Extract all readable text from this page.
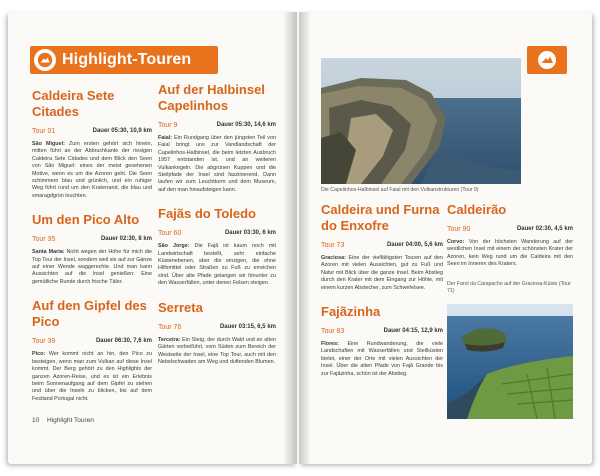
Highlight-Touren
Caldeira Sete Citades
Tour 01	Dauer 05:30, 10,9 km

São Miguel: Zum ersten gehört sich hinein, mitten führt an der Abbruchkante der riesigen Caldeira Sete Cidades und dem Blick den Seen von São Miguel: eines der meist gesehenen Motive, wenn es um die Azoren geht. Die Seen schimmern blau und grünlich, und ein ruhiger Weg führt rund um den Kraterrand, die blau und smaragdgrün leuchten.

Um den Pico Alto
Tour 35	Dauer 02:30, 8 km

Santa Maria: Nicht wegen der Höhe für mich die Top Tour der Insel, sondern weil sie auf zur Gänze auf einer Wende waggerechte. Und man kann Aussichten auf die Insel genießen: Eine gemütliche Runde durch frische Täler.

Auf den Gipfel des Pico
Tour 39	Dauer 06:30, 7,6 km

Pico: Wer kommt nicht an hin, den Pico zu besteigen, wenn man zum Vulkan auf diese Insel kommt. Der Berg gehört zu den Highlights der ganzen Azoren-Reise, und es ist ein Erlebnis beim Sonnenaufgang auf dem Gipfel zu stehen und über die Inseln zu blicken, bis auf dem Festland Portugal nicht.

Auf der Halbinsel Capelinhos
Tour 9	Dauer 05:30, 14,6 km

Faial: Ein Rundgang über den jüngsten Teil von Faial bringt uns zur Vandlandschaft der Capelinhos-Halbinsel, die beim letzten Ausbruch 1957 entstanden ist, und an weiteren Vulkankegeln. Die abgrünen Kuppen und die Steilpfade der Insel sind faszinierend. Dann laufen wir zum Leuchtturm und dem Museum, auf den man hinaufsteigen kann.

Fajãs do Toledo
Tour 60	Dauer 03:30, 6 km

São Jorge: Die Fajã ist kaum noch mit Landwirtschaft bestellt, sehr einfache Küstenebenen, aber die einzigen, die ohne Hilfsmittel oder Straßen zu Fuß zu erreichen sind. Über alte Pfade gelangen wir hinunter zu den Wasserfällen, unter denen Felsen steigen.

Serreta
Tour 76	Dauer 03:15, 6,5 km

Terceira: Ein Steig, der durch Wald und an alten Gärten vorbeiführt, vom Süden zum Bereich der Westseite der Insel, eine Top Tour, auch mit den Nebelschwaden am Weg und duftenden Blumen.

10 Highlight Touren
Die Capelinhos-Halbinsel auf Faial mit den Vulkanstrukturen (Tour 9)
Caldeira und Furna do Enxofre
Tour 73	Dauer 04:00, 5,6 km

Graciosa: Eine der vielfältigsten Touren auf den Azoren mit vielen Aussichten, gut zu Fuß und Natur mit Blick über die ganze Insel. Beim Abstieg durch den Krater mit dem Eingang zur Höhle, mit einem kurzen Abstecher, zum Schwefelsee.

Fajãzinha
Tour 83	Dauer 04:15, 12,9 km

Flores: Eine Rundwanderung, die viele Landschaften mit Wasserfällen und Steilküsten bietet, einer der Orte mit vielen Aussichten der Insel. Über die alten Pfade von Fajã Grande bis zur Fajãzinha, schön ist der Abstieg.

Caldeirão
Tour 90	Dauer 02:30, 4,5 km

Corvo: Von der höchsten Wanderung auf der westlichen Insel mit einem der schönsten Krater der Azoren, kein Weg rund um die Caldeira mit den Seen im Inneren des Kraters.

Der Farol da Carapacho auf der Graciosa-Küste (Tour 71)
